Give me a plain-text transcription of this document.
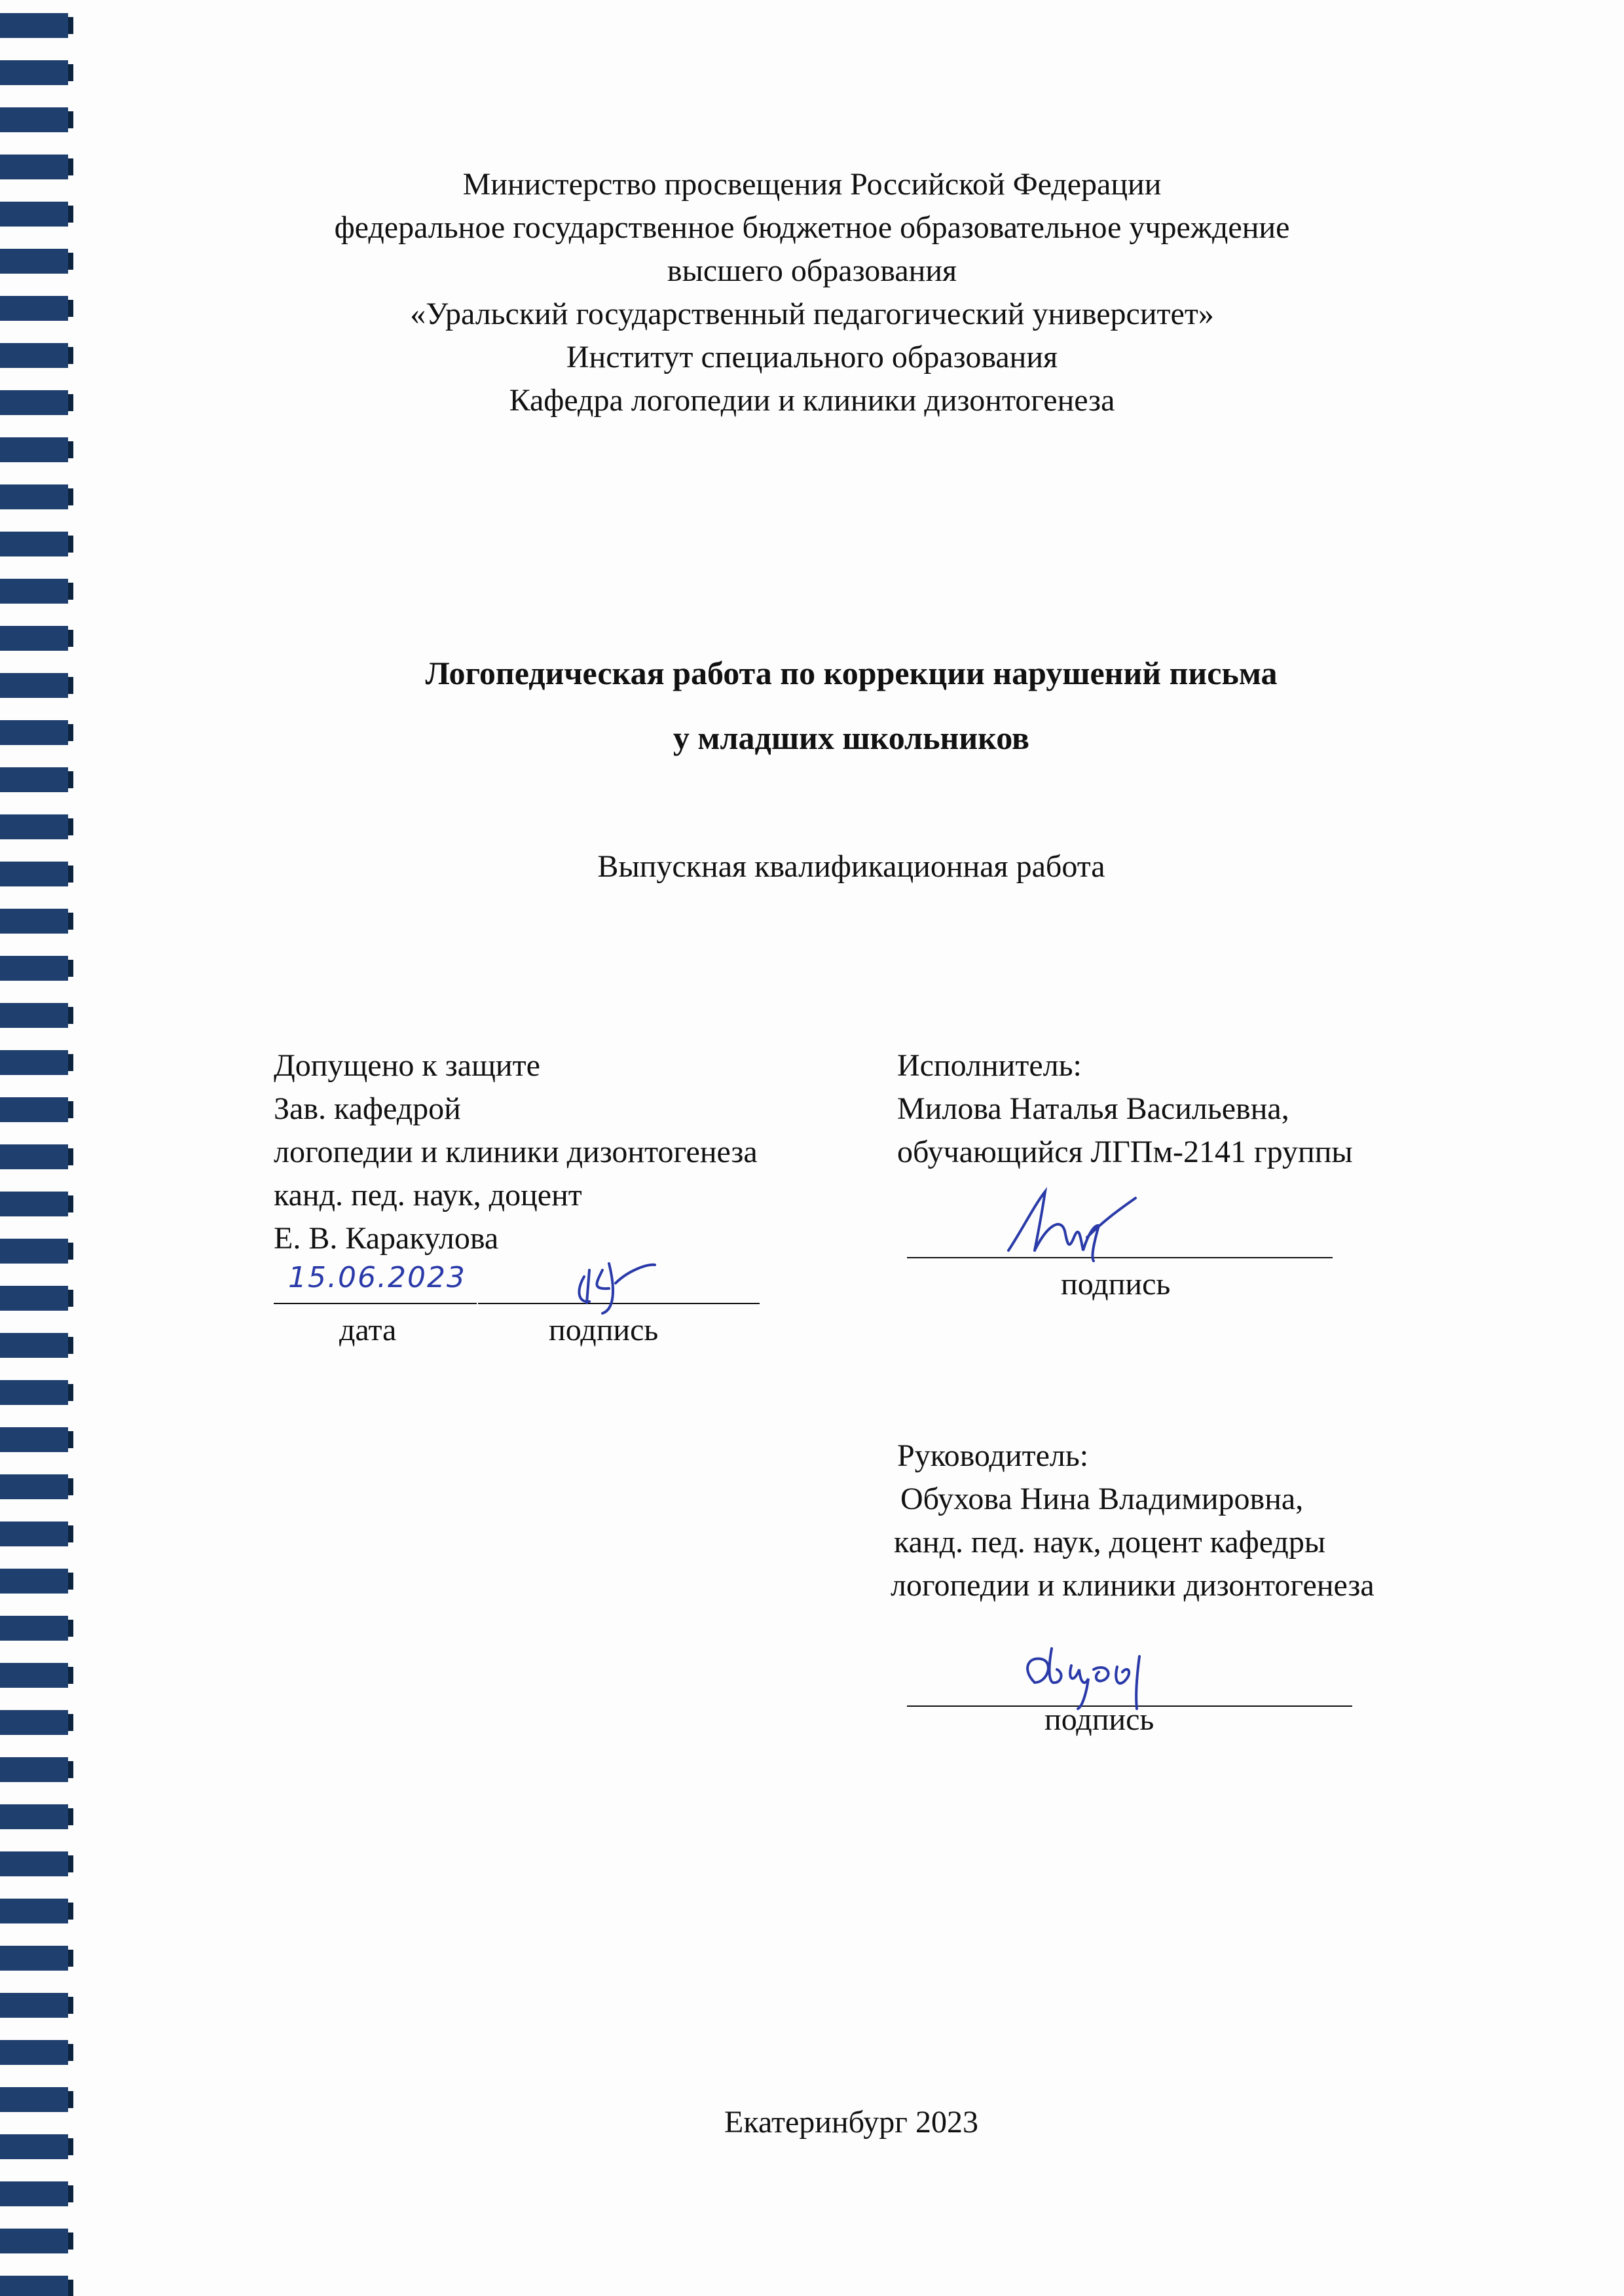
Министерство просвещения Российской Федерации
федеральное государственное бюджетное образовательное учреждение
высшего образования
«Уральский государственный педагогический университет»
Институт специального образования
Кафедра логопедии и клиники дизонтогенеза
Логопедическая работа по коррекции нарушений письма
у младших школьников
Выпускная квалификационная работа
Допущено к защите
Зав. кафедрой
логопедии и клиники дизонтогенеза
канд. пед. наук, доцент
Е. В. Каракулова
15.06.2023
дата	подпись
Исполнитель:
Милова Наталья Васильевна,
обучающийся ЛГПм-2141 группы
подпись
Руководитель:
Обухова Нина Владимировна,
канд. пед. наук, доцент кафедры
логопедии и клиники дизонтогенеза
подпись
Екатеринбург 2023
